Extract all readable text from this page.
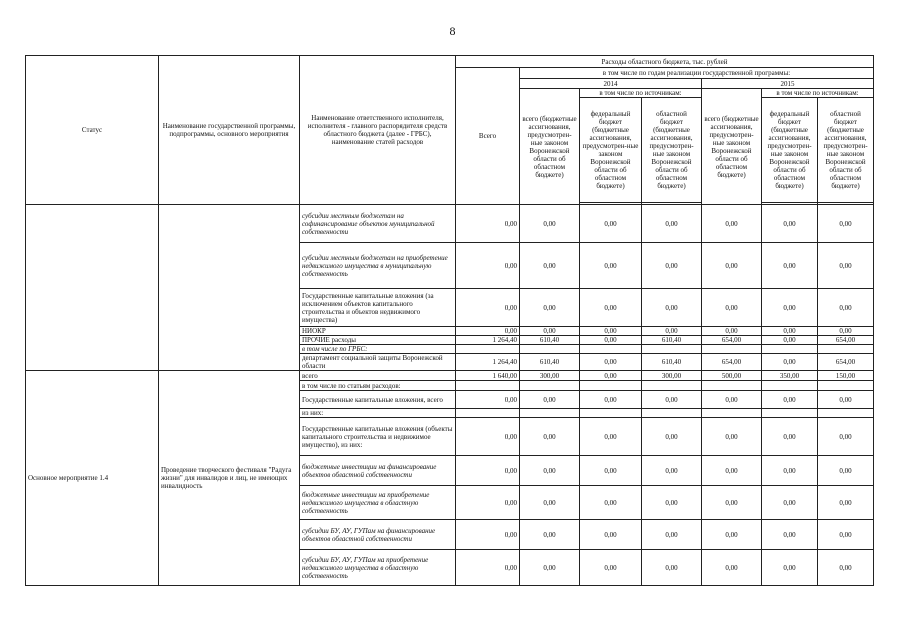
8
Статус	Наименование государственной программы, подпрограммы, основного мероприятия	Наименование ответственного исполнителя, исполнителя - главного распорядителя средств областного бюджета (далее - ГРБС), наименование статей расходов	Расходы областного бюджета, тыс. рублей						
			Всего	в том числе по годам реализации государственной программы:					
				2014			2015		
				всего (бюджетные ассигнования, предусмотрен-ные законом Воронежской области об областном бюджете)	в том числе по источникам:		всего (бюджетные ассигнования, предусмотрен-ные законом Воронежской области об областном бюджете)	в том числе по источникам:	
					федеральный бюджет (бюджетные ассигнования, предусмотрен-ные законом Воронежской области об областном бюджете)	областной бюджет (бюджетные ассигнования, предусмотрен-ные законом Воронежской области об областном бюджете)		федеральный бюджет (бюджетные ассигнования, предусмотрен-ные законом Воронежской области об областном бюджете)	областной бюджет (бюджетные ассигнования, предусмотрен-ные законом Воронежской области об областном бюджете)

		субсидии местным бюджетам на софинансирование объектов муниципальной собственности	0,00	0,00	0,00	0,00	0,00	0,00	0,00
		субсидии местным бюджетам на приобретение недвижимого имущества в муниципальную собственность	0,00	0,00	0,00	0,00	0,00	0,00	0,00
		Государственные капитальные вложения (за исключением объектов капитального строительства и объектов недвижимого имущества)	0,00	0,00	0,00	0,00	0,00	0,00	0,00
		НИОКР	0,00	0,00	0,00	0,00	0,00	0,00	0,00
		ПРОЧИЕ расходы	1 264,40	610,40	0,00	610,40	654,00	0,00	654,00
		в том числе по ГРБС:							
		департамент социальной защиты Воронежской области	1 264,40	610,40	0,00	610,40	654,00	0,00	654,00
Основное мероприятие 1.4	Проведение творческого фестиваля "Радуга жизни" для инвалидов и лиц, не имеющих инвалидность	всего	1 640,00	300,00	0,00	300,00	500,00	350,00	150,00
		в том числе по статьям расходов:							
		Государственные капитальные вложения, всего	0,00	0,00	0,00	0,00	0,00	0,00	0,00
		из них:							
		Государственные капитальные вложения (объекты капитального строительства и недвижимое имущество), из них:	0,00	0,00	0,00	0,00	0,00	0,00	0,00
		бюджетные инвестиции на финансирование объектов областной собственности	0,00	0,00	0,00	0,00	0,00	0,00	0,00
		бюджетные инвестиции на приобретение недвижимого имущества в областную собственность	0,00	0,00	0,00	0,00	0,00	0,00	0,00
		субсидии БУ, АУ, ГУПам на финансирование объектов областной собственности	0,00	0,00	0,00	0,00	0,00	0,00	0,00
		субсидии БУ, АУ, ГУПам на приобретение недвижимого имущества в областную собственность	0,00	0,00	0,00	0,00	0,00	0,00	0,00
